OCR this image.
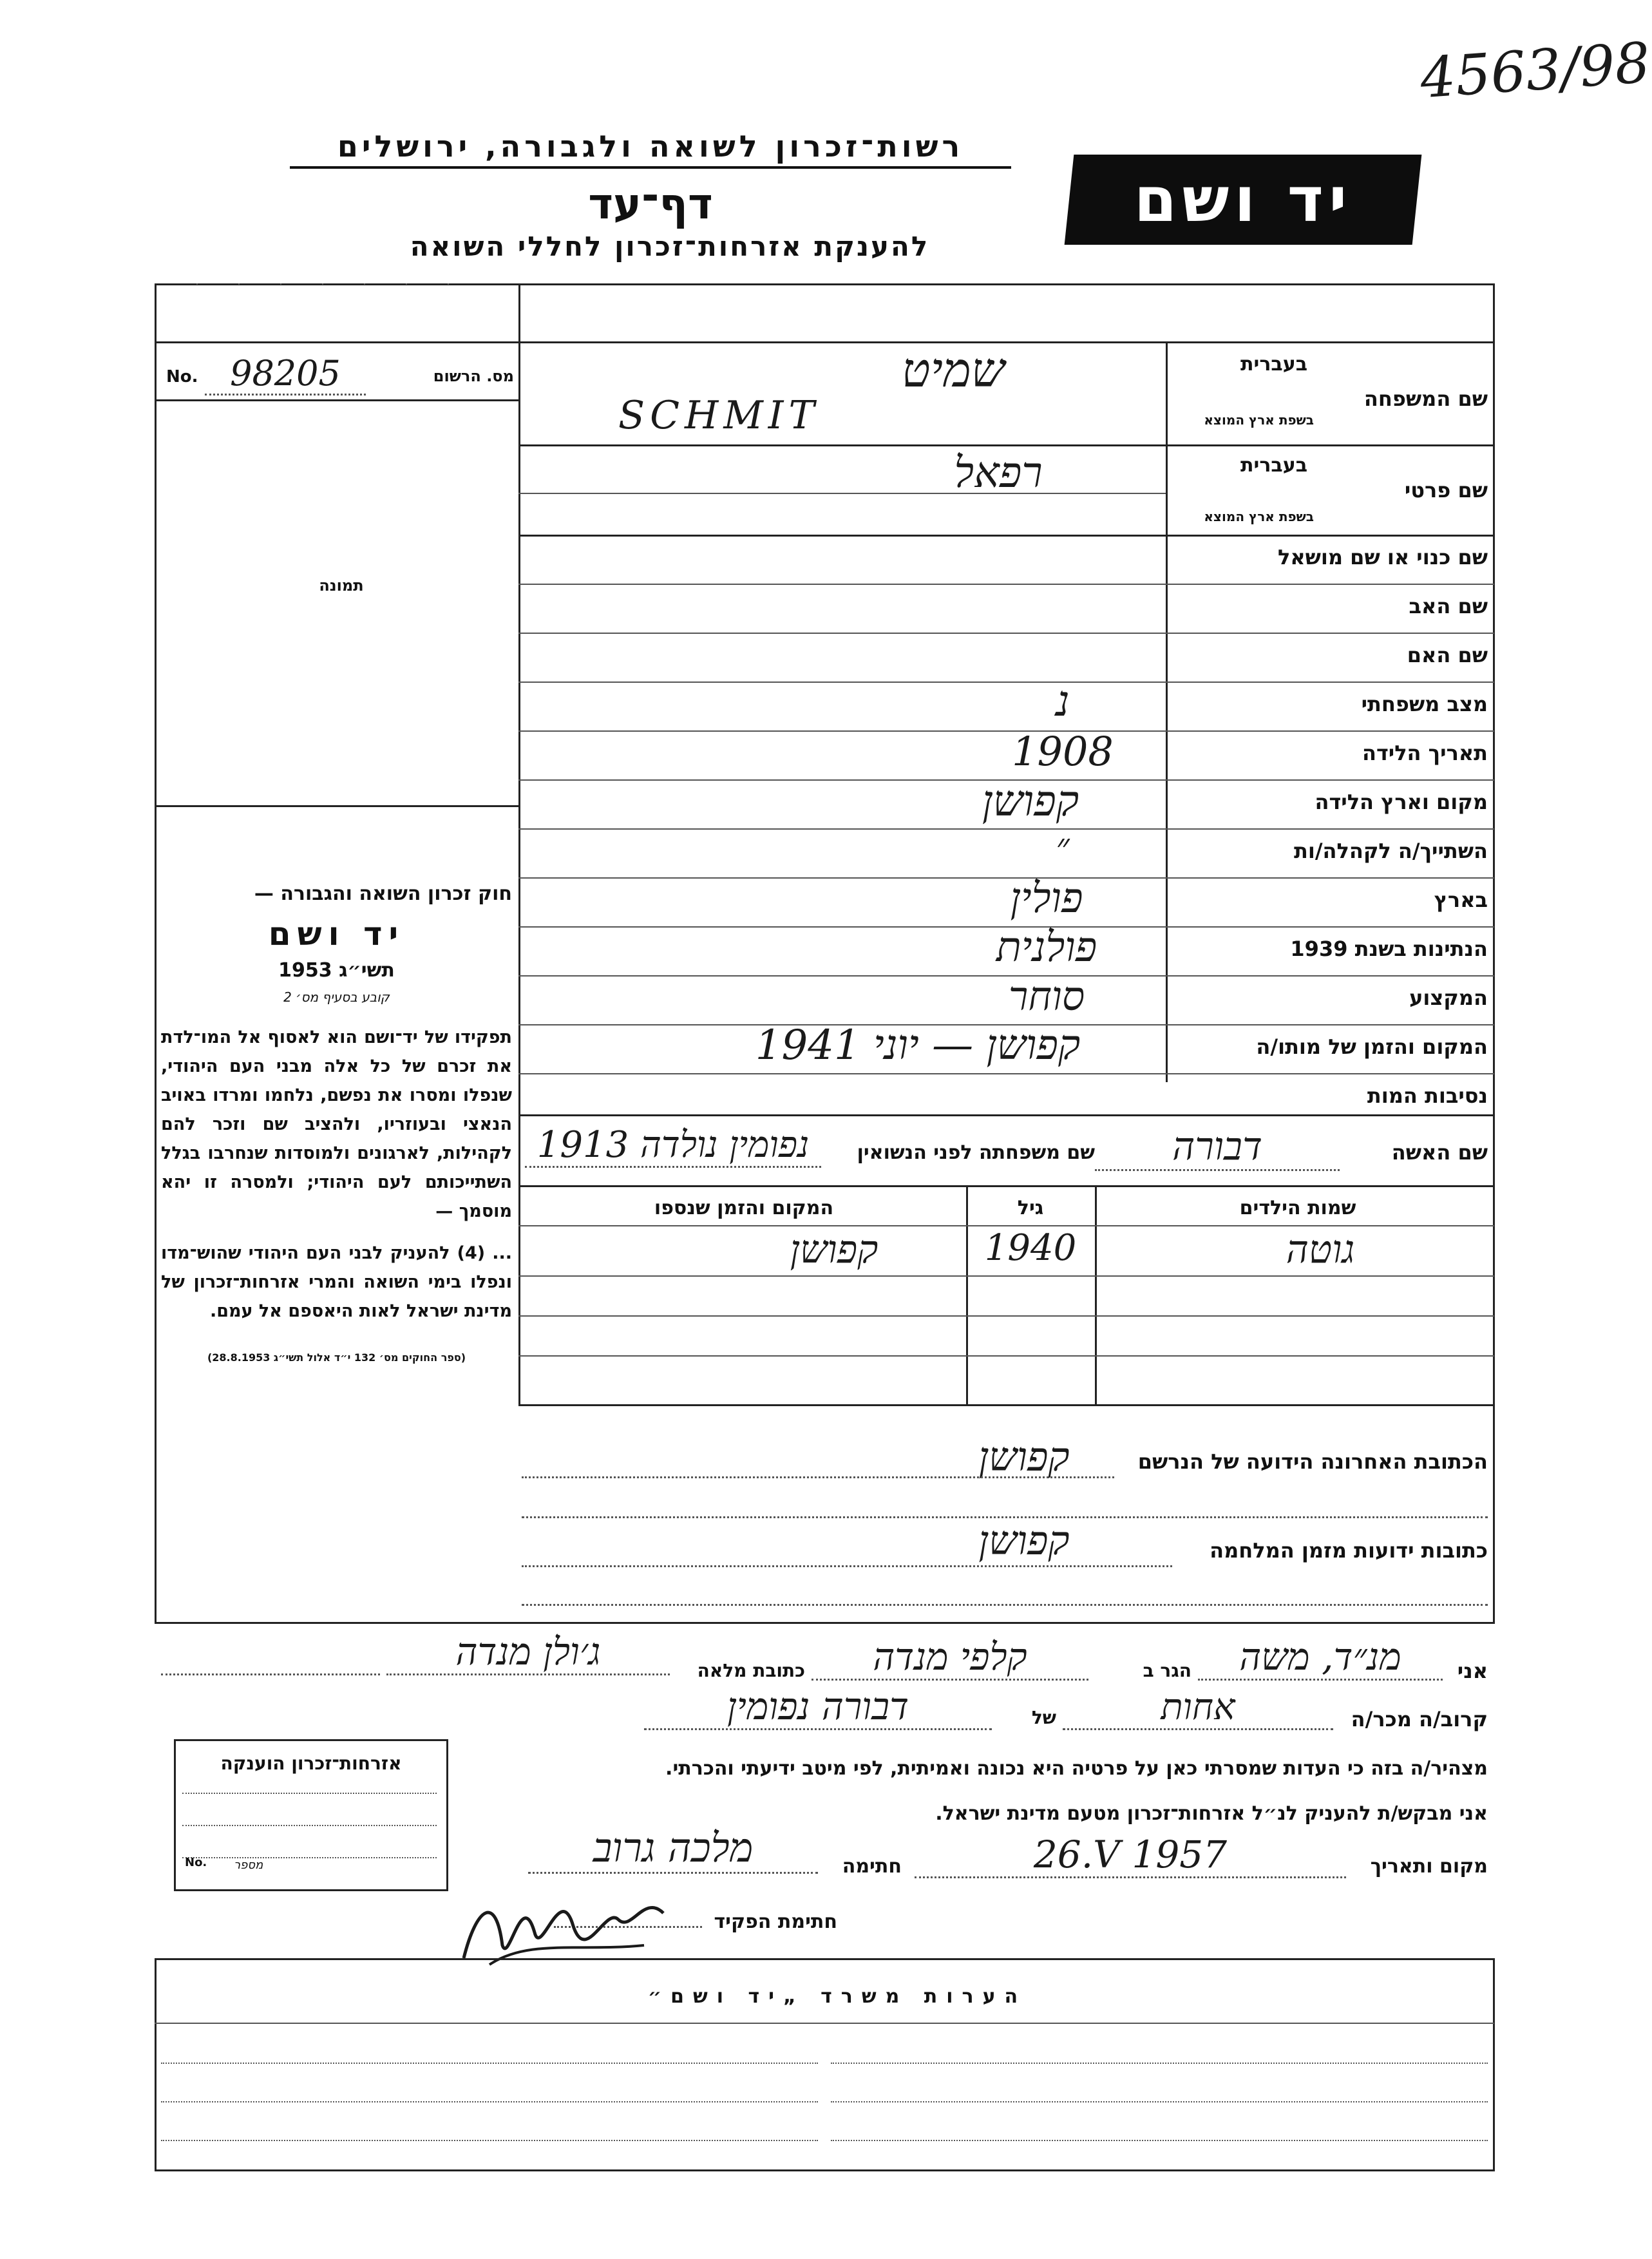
4563/98
רשות־זכרון לשואה ולגבורה, ירושלים
דף־עד
להענקת אזרחות־זכרון לחללי השואה
יד ושם
No. 98205	מס. הרשום
תמונה
חוק זכרון השואה והגבורה —
יד ושם
תשי״ג 1953
קובע בסעיף מס׳ 2
תפקידו של יד־ושם הוא לאסוף אל המו־לדת את זכרם של כל אלה מבני העם היהודי, שנפלו ומסרו את נפשם, נלחמו ומרדו באויב הנאצי ובעוזריו, ולהציב שם וזכר להם לקהילות, לארגונים ולמוסדות שנחרבו בגלל השתייכותם לעם היהודי; ולמסרה זו יהא מוסמך —
... (4) להעניק לבני העם היהודי שהוש־מדו ונפלו בימי השואה והמרי אזרחות־זכרון של מדינת ישראל לאות היאספם אל עמם.
(ספר החוקים מס׳ 132 י״ד אלול תשי״ג 28.8.1953)
בעברית
שם המשפחה
בשפת ארץ המוצא
שמיט
SCHMIT
בעברית
שם פרטי
בשפת ארץ המוצא
רפאל
שם כנוי או שם מושאל
שם האב
שם האם
מצב משפחתי
נ
תאריך הלידה
1908
מקום וארץ הלידה
קפושן
השתייך/ה לקהלה/ות
״
בארץ
פולין
הנתינות בשנת 1939
פולנית
המקצוע
סוחר
המקום והזמן של מותו/ה
קפושן — יוני 1941
נסיבות המות
שם האשה
דבורה
שם משפחתה לפני הנשואין
נפומין נולדה 1913
שמות הילדים
גיל
המקום והזמן שנספו
גוטה
1940
קפושן
הכתובת האחרונה הידועה של הנרשם
קפושן
כתובות ידועות מזמן המלחמה
קפושן
אני
מנ״ד, משה
הגר ב
קלפי מנדה
כתובת מלאה
ג׳ולן מנדה
קרוב/ה מכר/ה
אחות
של
דבורה נפומין
מצהיר/ה בזה כי העדות שמסרתי כאן על פרטיה היא נכונה ואמיתית, לפי מיטב ידיעתי והכרתי.
אני מבקש/ת להעניק לנ״ל אזרחות־זכרון מטעם מדינת ישראל.
מקום ותאריך
26.V 1957
חתימה
מלכה גרוב
חתימת הפקיד
אזרחות־זכרון הוענקה
No. מספר
הערות משרד „יד ושם״
